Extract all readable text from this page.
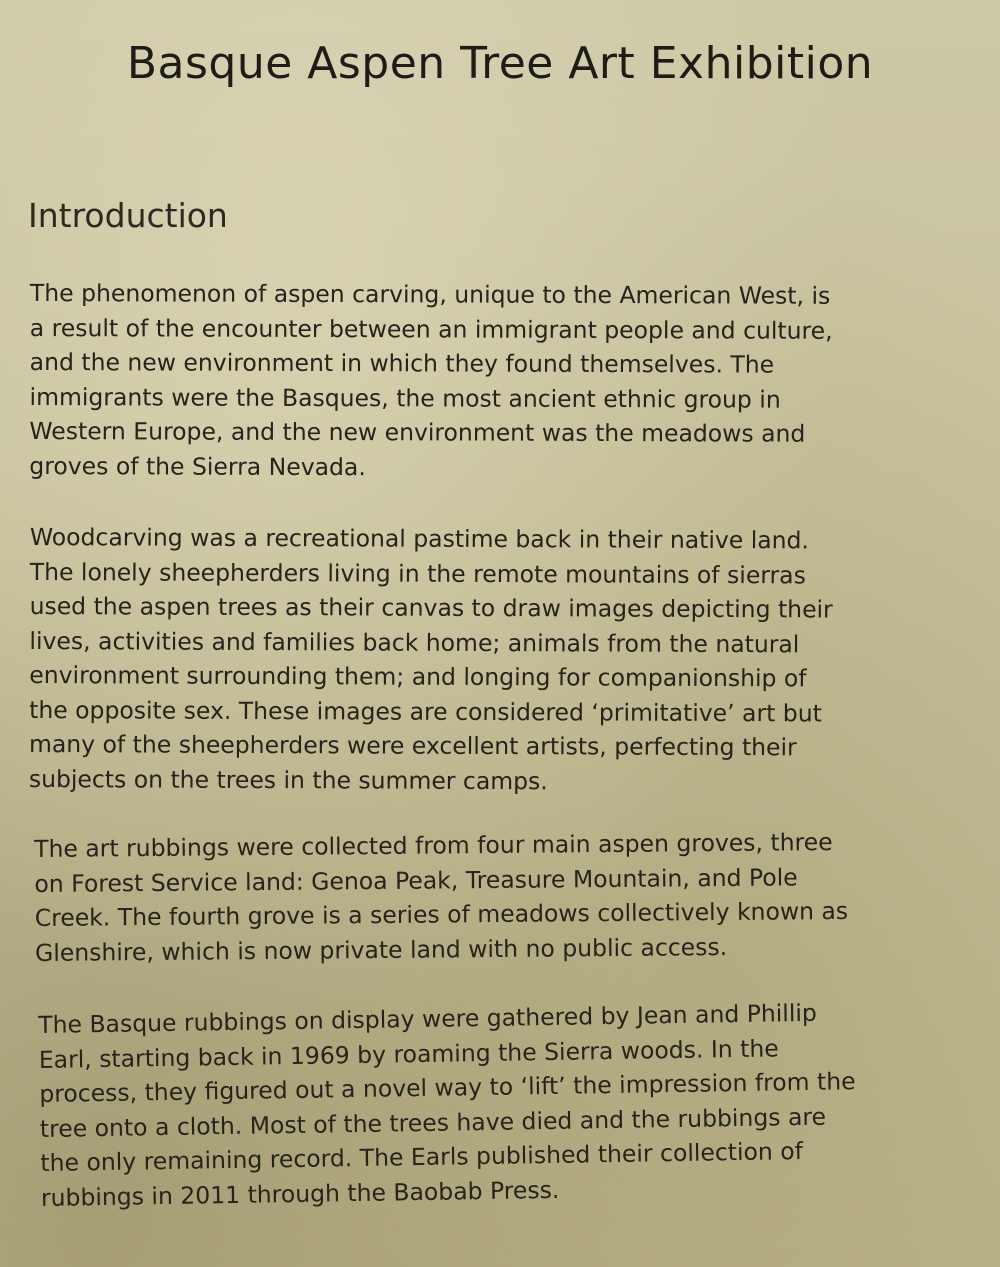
Basque Aspen Tree Art Exhibition
Introduction

The phenomenon of aspen carving, unique to the American West, is
a result of the encounter between an immigrant people and culture,
and the new environment in which they found themselves. The
immigrants were the Basques, the most ancient ethnic group in
Western Europe, and the new environment was the meadows and
groves of the Sierra Nevada.

Woodcarving was a recreational pastime back in their native land.
The lonely sheepherders living in the remote mountains of sierras
used the aspen trees as their canvas to draw images depicting their
lives, activities and families back home; animals from the natural
environment surrounding them; and longing for companionship of
the opposite sex. These images are considered ‘primitative’ art but
many of the sheepherders were excellent artists, perfecting their
subjects on the trees in the summer camps.

The art rubbings were collected from four main aspen groves, three
on Forest Service land: Genoa Peak, Treasure Mountain, and Pole
Creek. The fourth grove is a series of meadows collectively known as
Glenshire, which is now private land with no public access.

The Basque rubbings on display were gathered by Jean and Phillip
Earl, starting back in 1969 by roaming the Sierra woods. In the
process, they figured out a novel way to ‘lift’ the impression from the
tree onto a cloth. Most of the trees have died and the rubbings are
the only remaining record. The Earls published their collection of
rubbings in 2011 through the Baobab Press.
